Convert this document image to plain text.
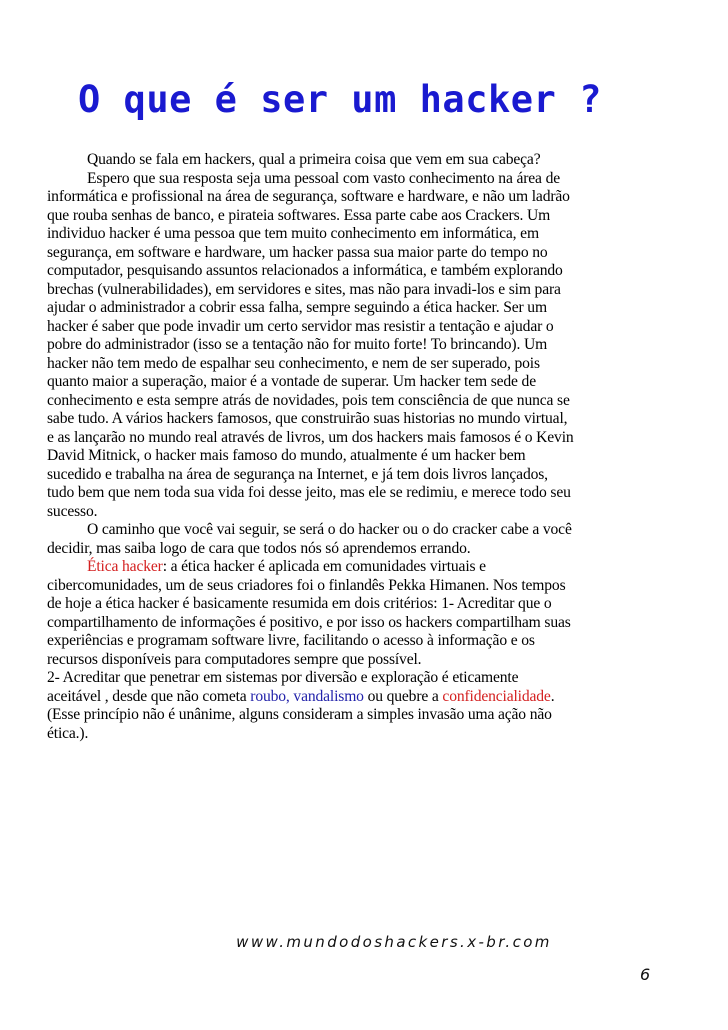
O que é ser um hacker ?
Quando se fala em hackers, qual a primeira coisa que vem em sua cabeça?
Espero que sua resposta seja uma pessoal com vasto conhecimento na área de
informática e profissional na área de segurança, software e hardware, e não um ladrão
que rouba senhas de banco, e pirateia softwares. Essa parte cabe aos Crackers. Um
individuo hacker é uma pessoa que tem muito conhecimento em informática, em
segurança, em software e hardware, um hacker passa sua maior parte do tempo no
computador, pesquisando assuntos relacionados a informática, e também explorando
brechas (vulnerabilidades), em servidores e sites, mas não para invadi-los e sim para
ajudar o administrador a cobrir essa falha, sempre seguindo a ética hacker. Ser um
hacker é saber que pode invadir um certo servidor mas resistir a tentação e ajudar o
pobre do administrador (isso se a tentação não for muito forte! To brincando). Um
hacker não tem medo de espalhar seu conhecimento, e nem de ser superado, pois
quanto maior a superação, maior é a vontade de superar. Um hacker tem sede de
conhecimento e esta sempre atrás de novidades, pois tem consciência de que nunca se
sabe tudo. A vários hackers famosos, que construirão suas historias no mundo virtual,
e as lançarão no mundo real através de livros, um dos hackers mais famosos é o Kevin
David Mitnick, o hacker mais famoso do mundo, atualmente é um hacker bem
sucedido e trabalha na área de segurança na Internet, e já tem dois livros lançados,
tudo bem que nem toda sua vida foi desse jeito, mas ele se redimiu, e merece todo seu
sucesso.
O caminho que você vai seguir, se será o do hacker ou o do cracker cabe a você
decidir, mas saiba logo de cara que todos nós só aprendemos errando.
Ética hacker: a ética hacker é aplicada em comunidades virtuais e
cibercomunidades, um de seus criadores foi o finlandês Pekka Himanen. Nos tempos
de hoje a ética hacker é basicamente resumida em dois critérios: 1- Acreditar que o
compartilhamento de informações é positivo, e por isso os hackers compartilham suas
experiências e programam software livre, facilitando o acesso à informação e os
recursos disponíveis para computadores sempre que possível.
2- Acreditar que penetrar em sistemas por diversão e exploração é eticamente
aceitável , desde que não cometa roubo, vandalismo ou quebre a confidencialidade.
(Esse princípio não é unânime, alguns consideram a simples invasão uma ação não
ética.).
www.mundodoshackers.x-br.com
6
